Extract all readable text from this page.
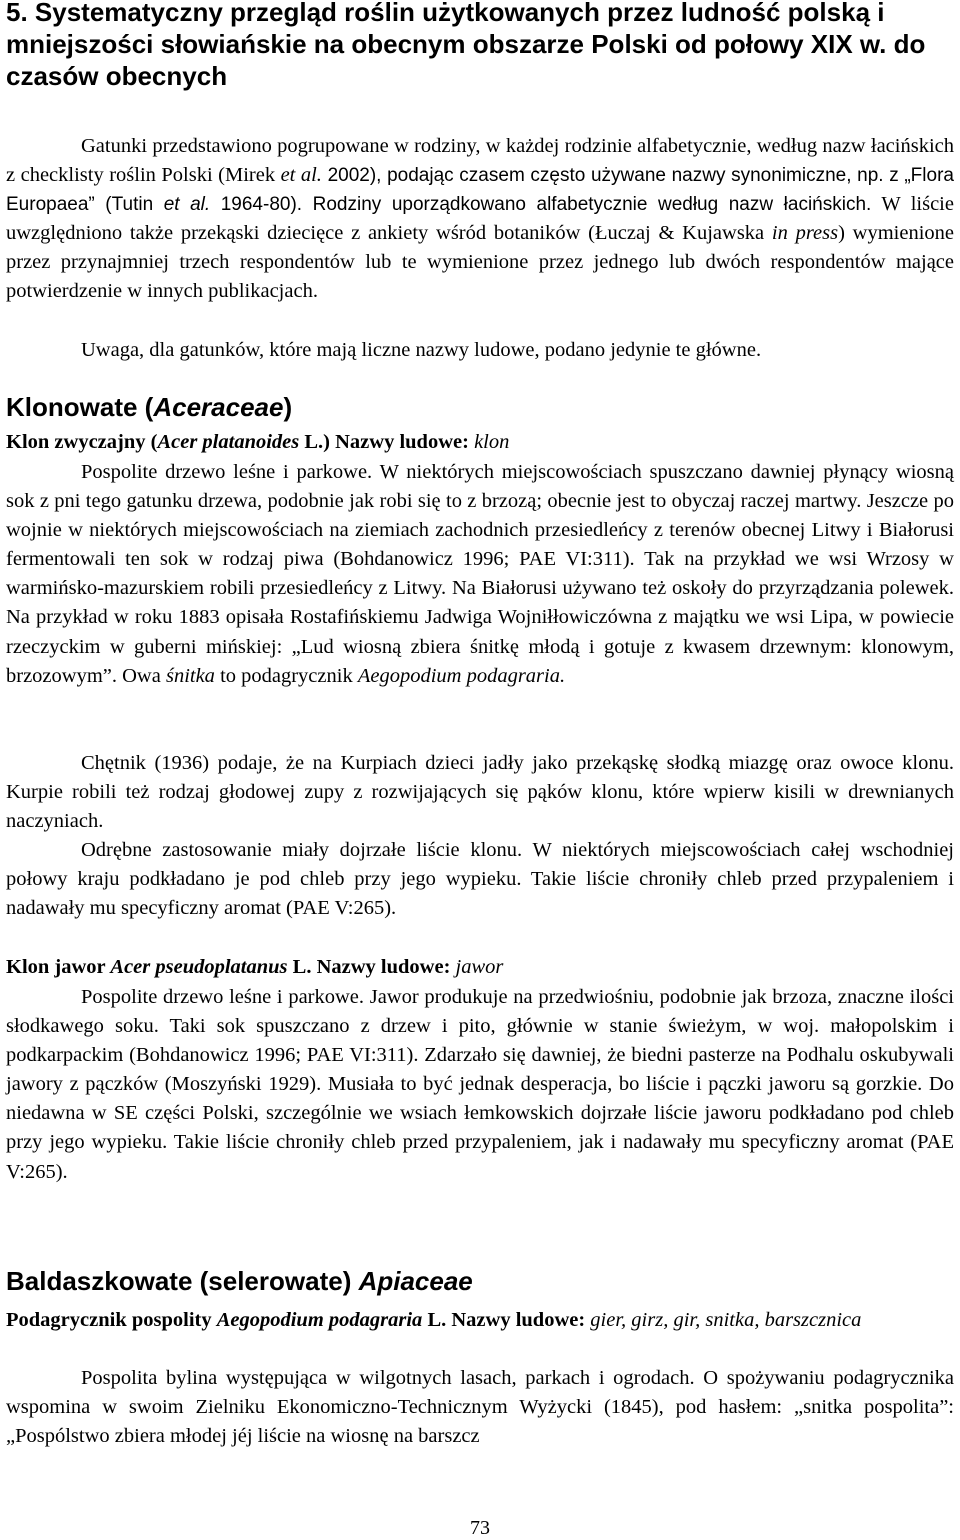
5. Systematyczny przegląd roślin użytkowanych przez ludność polską i mniejszości słowiańskie na obecnym obszarze Polski od połowy XIX w. do czasów obecnych

Gatunki przedstawiono pogrupowane w rodziny, w każdej rodzinie alfabetycznie, według nazw łacińskich z checklisty roślin Polski (Mirek et al. 2002), podając czasem często używane nazwy synonimiczne, np. z „Flora Europaea” (Tutin et al. 1964-80). Rodziny uporządkowano alfabetycznie według nazw łacińskich. W liście uwzględniono także przekąski dziecięce z ankiety wśród botaników (Łuczaj & Kujawska in press) wymienione przez przynajmniej trzech respondentów lub te wymienione przez jednego lub dwóch respondentów mające potwierdzenie w innych publikacjach.

Uwaga, dla gatunków, które mają liczne nazwy ludowe, podano jedynie te główne.

Klonowate (Aceraceae)
Klon zwyczajny (Acer platanoides L.) Nazwy ludowe: klon

Pospolite drzewo leśne i parkowe. W niektórych miejscowościach spuszczano dawniej płynący wiosną sok z pni tego gatunku drzewa, podobnie jak robi się to z brzozą; obecnie jest to obyczaj raczej martwy. Jeszcze po wojnie w niektórych miejscowościach na ziemiach zachodnich przesiedleńcy z terenów obecnej Litwy i Białorusi fermentowali ten sok w rodzaj piwa (Bohdanowicz 1996; PAE VI:311). Tak na przykład we wsi Wrzosy w warmińsko-mazurskiem robili przesiedleńcy z Litwy. Na Białorusi używano też oskoły do przyrządzania polewek. Na przykład w roku 1883 opisała Rostafińskiemu Jadwiga Wojniłłowiczówna z majątku we wsi Lipa, w powiecie rzeczyckim w guberni mińskiej: „Lud wiosną zbiera śnitkę młodą i gotuje z kwasem drzewnym: klonowym, brzozowym”. Owa śnitka to podagrycznik Aegopodium podagraria.

Chętnik (1936) podaje, że na Kurpiach dzieci jadły jako przekąskę słodką miazgę oraz owoce klonu. Kurpie robili też rodzaj głodowej zupy z rozwijających się pąków klonu, które wpierw kisili w drewnianych naczyniach.

Odrębne zastosowanie miały dojrzałe liście klonu. W niektórych miejscowościach całej wschodniej połowy kraju podkładano je pod chleb przy jego wypieku. Takie liście chroniły chleb przed przypaleniem i nadawały mu specyficzny aromat (PAE V:265).

Klon jawor Acer pseudoplatanus L. Nazwy ludowe: jawor

Pospolite drzewo leśne i parkowe. Jawor produkuje na przedwiośniu, podobnie jak brzoza, znaczne ilości słodkawego soku. Taki sok spuszczano z drzew i pito, głównie w stanie świeżym, w woj. małopolskim i podkarpackim (Bohdanowicz 1996; PAE VI:311). Zdarzało się dawniej, że biedni pasterze na Podhalu oskubywali jawory z pączków (Moszyński 1929). Musiała to być jednak desperacja, bo liście i pączki jaworu są gorzkie. Do niedawna w SE części Polski, szczególnie we wsiach łemkowskich dojrzałe liście jaworu podkładano pod chleb przy jego wypieku. Takie liście chroniły chleb przed przypaleniem, jak i nadawały mu specyficzny aromat (PAE V:265).

Baldaszkowate (selerowate) Apiaceae
Podagrycznik pospolity Aegopodium podagraria L. Nazwy ludowe: gier, girz, gir, snitka, barszcznica

Pospolita bylina występująca w wilgotnych lasach, parkach i ogrodach. O spożywaniu podagrycznika wspomina w swoim Zielniku Ekonomiczno-Technicznym Wyżycki (1845), pod hasłem: „snitka pospolita”: „Pospólstwo zbiera młodej jéj liście na wiosnę na barszcz

73
